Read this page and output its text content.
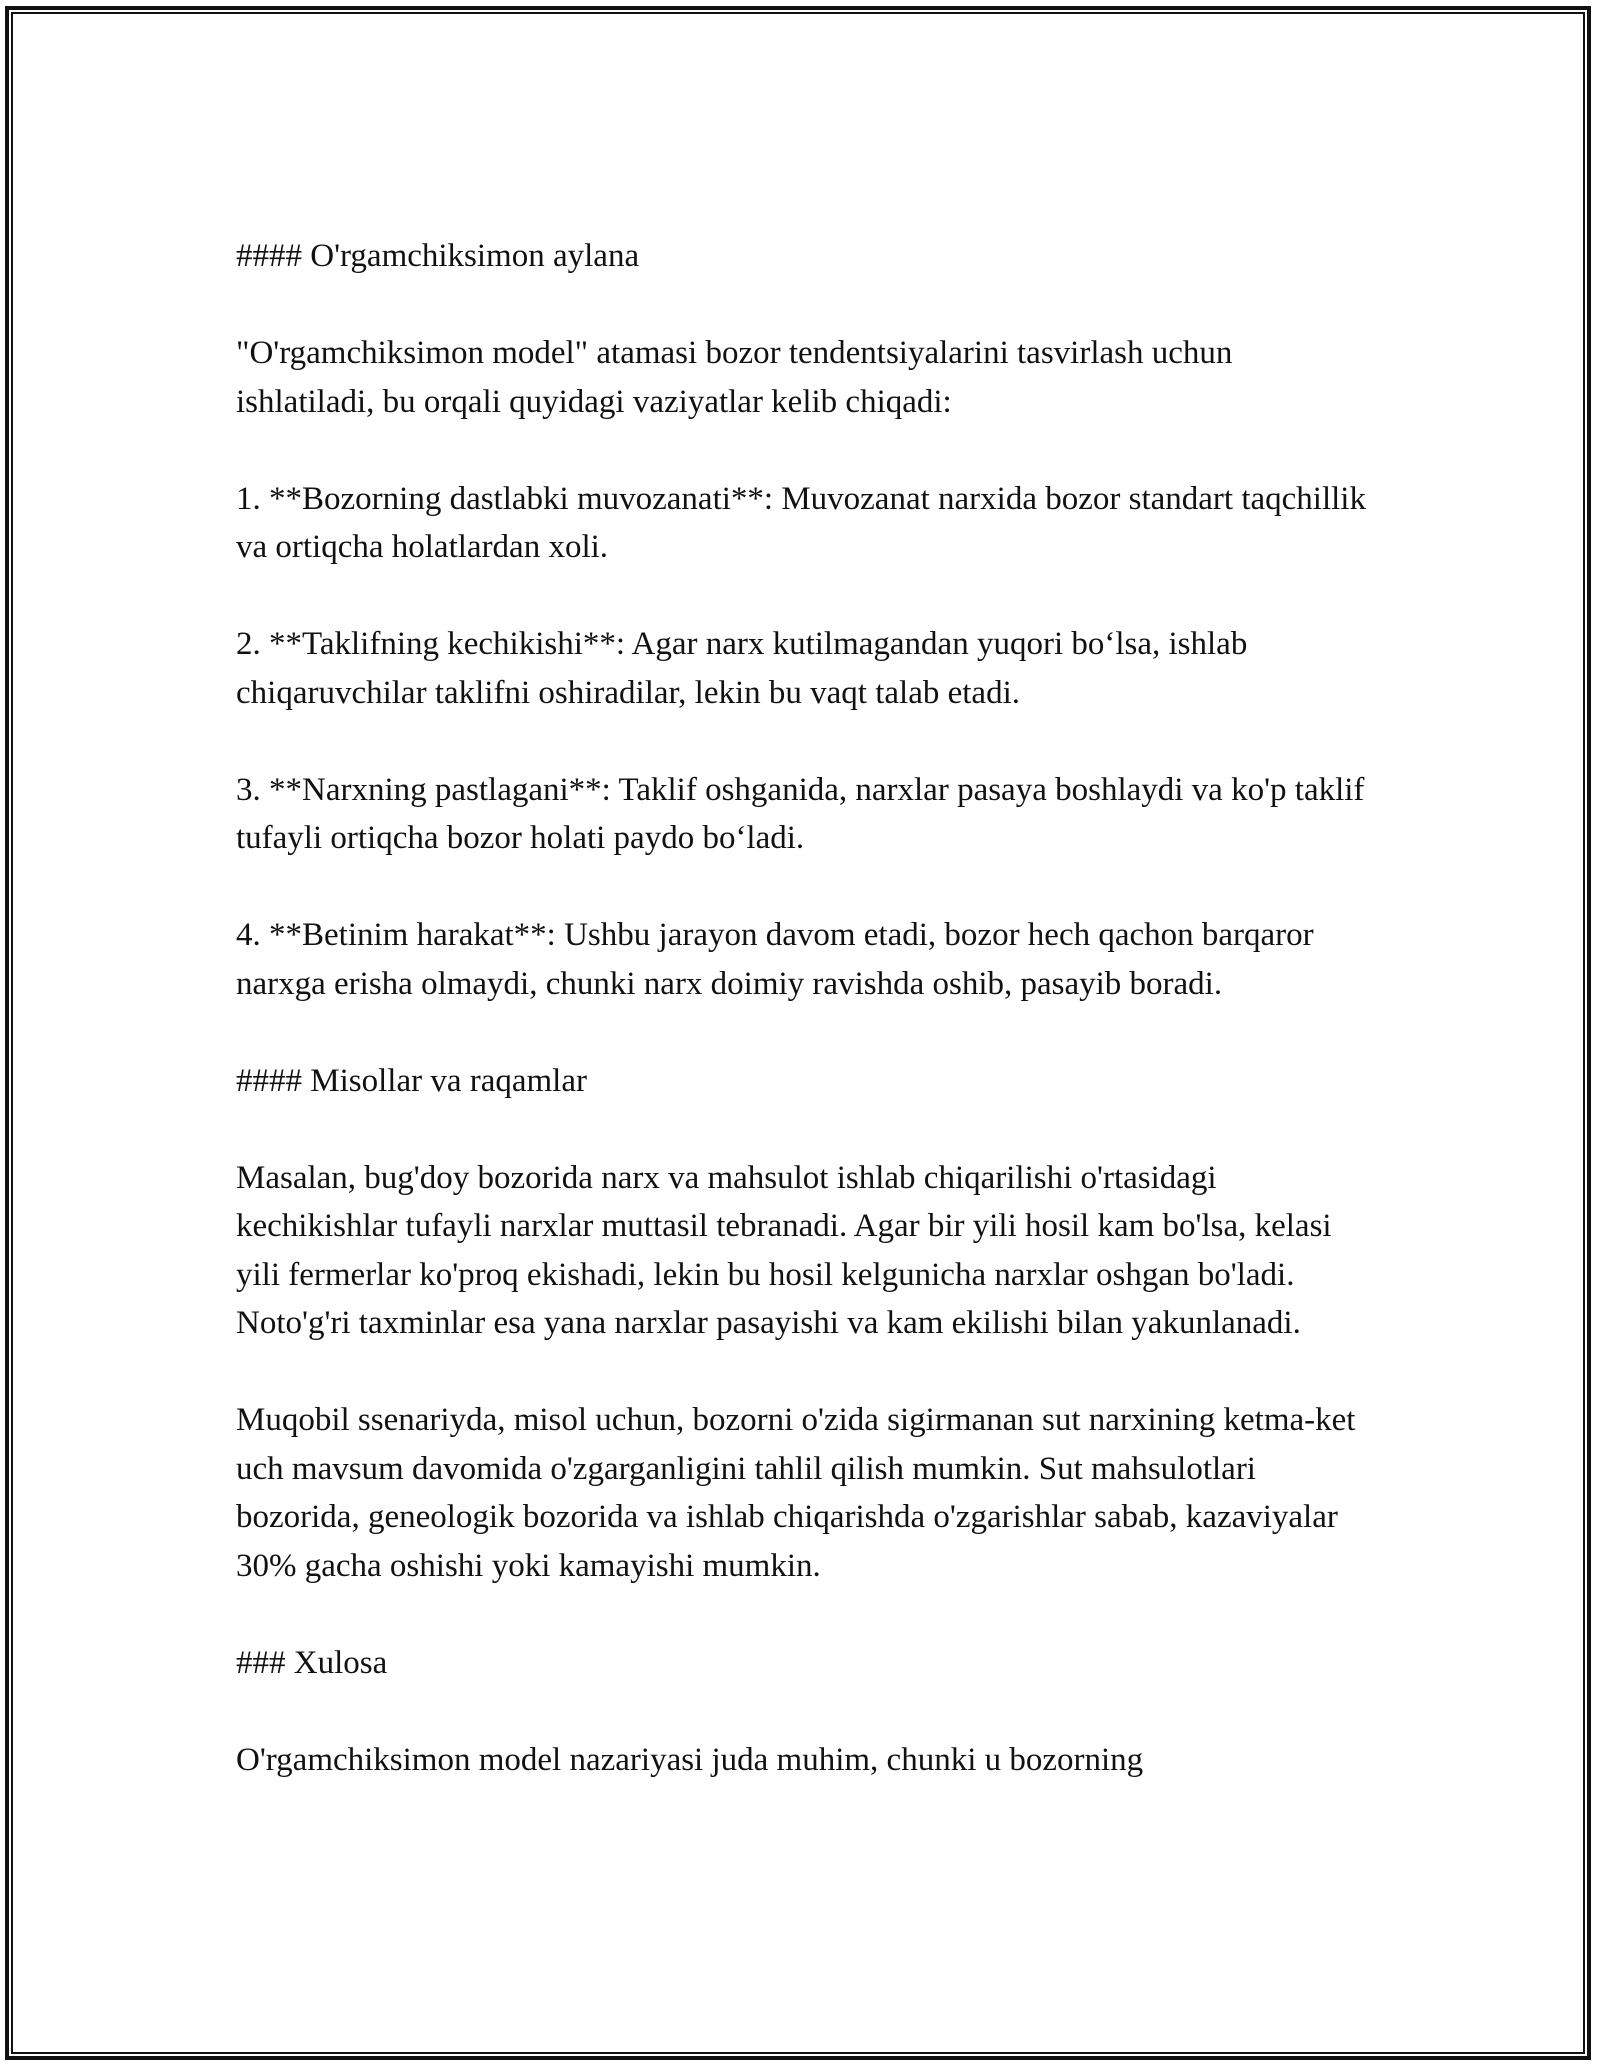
#### O'rgamchiksimon aylana

"O'rgamchiksimon model" atamasi bozor tendentsiyalarini tasvirlash uchun ishlatiladi, bu orqali quyidagi vaziyatlar kelib chiqadi:

1. **Bozorning dastlabki muvozanati**: Muvozanat narxida bozor standart taqchillik va ortiqcha holatlardan xoli.

2. **Taklifning kechikishi**: Agar narx kutilmagandan yuqori bo‘lsa, ishlab chiqaruvchilar taklifni oshiradilar, lekin bu vaqt talab etadi.

3. **Narxning pastlagani**: Taklif oshganida, narxlar pasaya boshlaydi va ko'p taklif tufayli ortiqcha bozor holati paydo bo‘ladi.

4. **Betinim harakat**: Ushbu jarayon davom etadi, bozor hech qachon barqaror narxga erisha olmaydi, chunki narx doimiy ravishda oshib, pasayib boradi.

#### Misollar va raqamlar

Masalan, bug'doy bozorida narx va mahsulot ishlab chiqarilishi o'rtasidagi kechikishlar tufayli narxlar muttasil tebranadi. Agar bir yili hosil kam bo'lsa, kelasi yili fermerlar ko'proq ekishadi, lekin bu hosil kelgunicha narxlar oshgan bo'ladi. Noto'g'ri taxminlar esa yana narxlar pasayishi va kam ekilishi bilan yakunlanadi.

Muqobil ssenariyda, misol uchun, bozorni o'zida sigirmanan sut narxining ketma-ket uch mavsum davomida o'zgarganligini tahlil qilish mumkin. Sut mahsulotlari bozorida, geneologik bozorida va ishlab chiqarishda o'zgarishlar sabab, kazaviyalar 30% gacha oshishi yoki kamayishi mumkin.

### Xulosa

O'rgamchiksimon model nazariyasi juda muhim, chunki u bozorning
